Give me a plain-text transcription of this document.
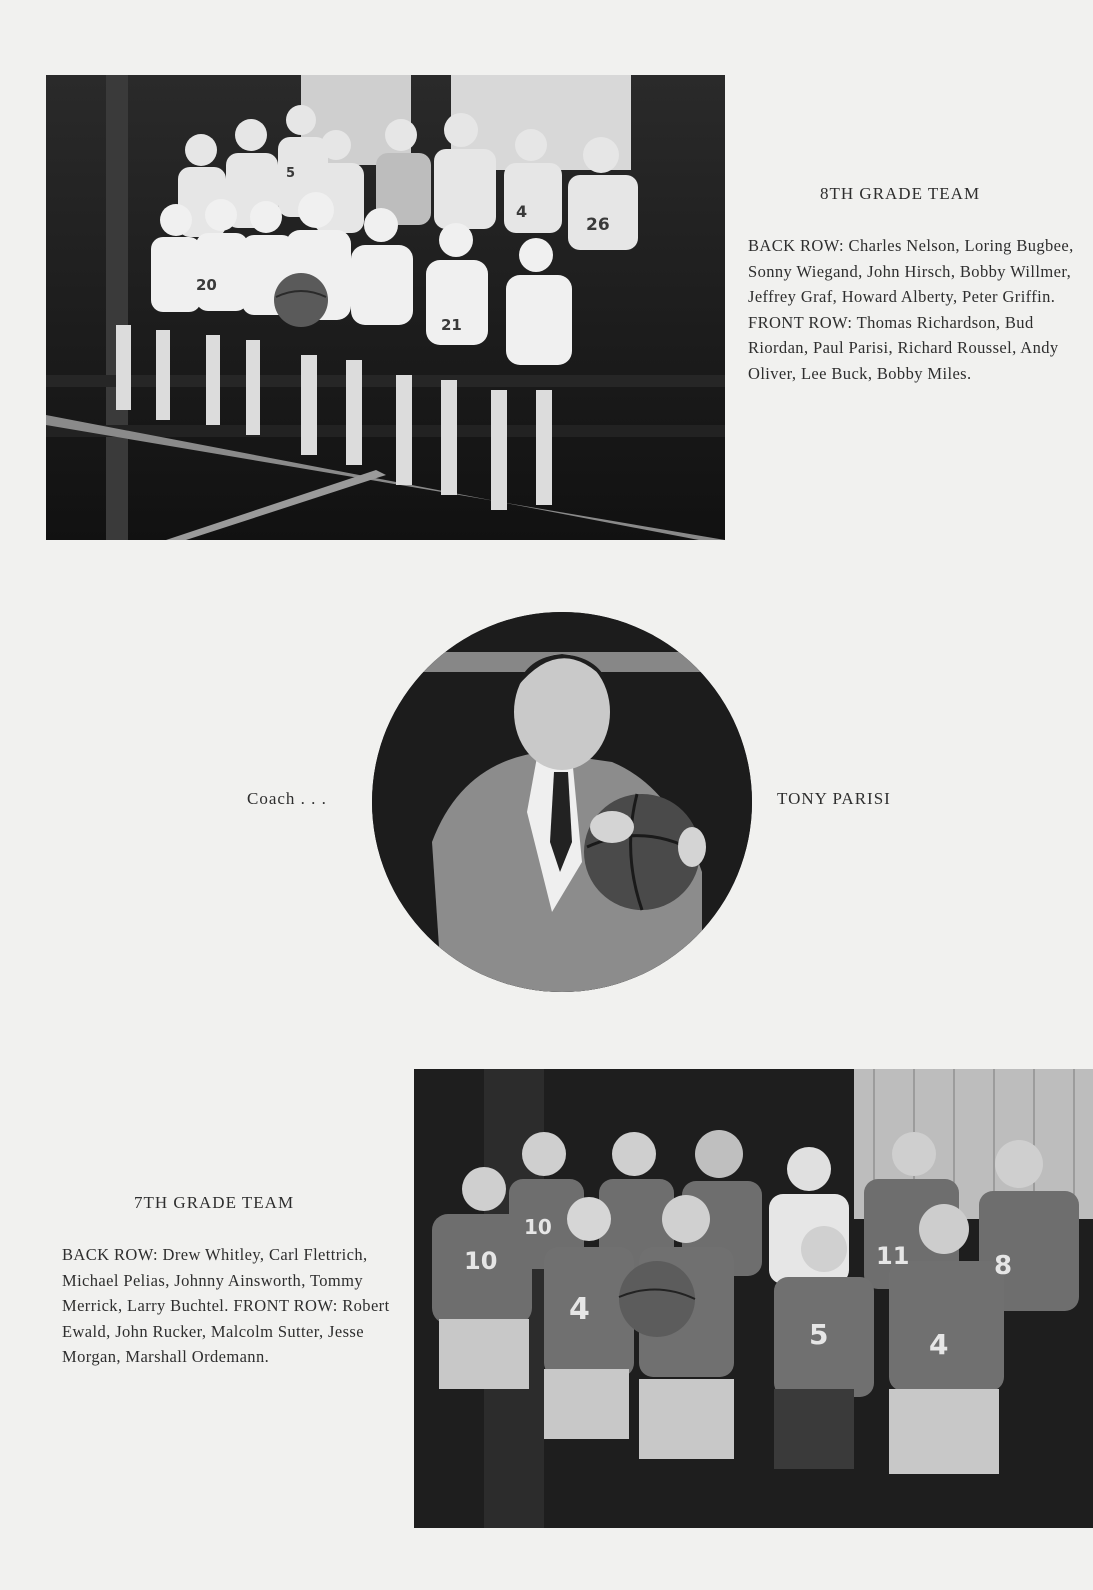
5
4
26
20
21
8TH GRADE TEAM
BACK ROW: Charles Nelson, Loring Bugbee, Sonny Wiegand, John Hirsch, Bobby Willmer, Jeffrey Graf, Howard Alberty, Peter Griffin. FRONT ROW: Thomas Richardson, Bud Riordan, Paul Parisi, Richard Roussel, Andy Oliver, Lee Buck, Bobby Miles.
Coach . . .	TONY PARISI
7TH GRADE TEAM
BACK ROW: Drew Whitley, Carl Flettrich, Michael Pelias, Johnny Ainsworth, Tommy Merrick, Larry Buchtel. FRONT ROW: Robert Ewald, John Rucker, Malcolm Sutter, Jesse Morgan, Marshall Ordemann.
10
10
11	8
4
5	4
